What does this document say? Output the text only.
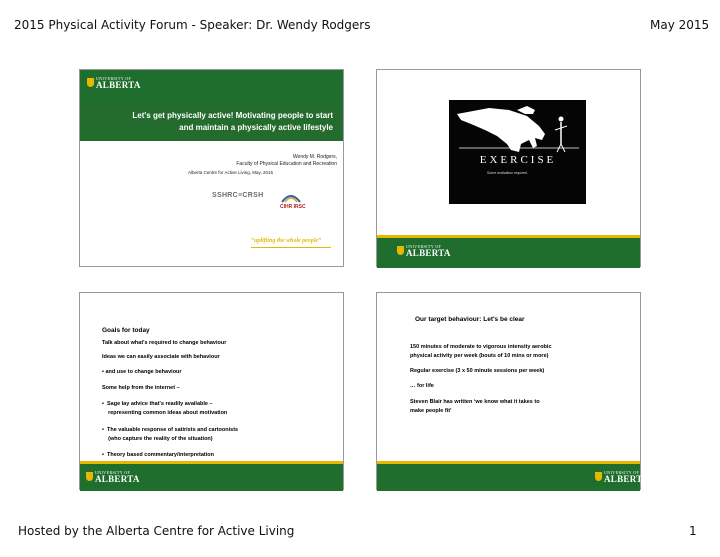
2015 Physical Activity Forum - Speaker: Dr. Wendy Rodgers	May 2015
UNIVERSITY OF
ALBERTA
Let's get physically active! Motivating people to start
and maintain a physically active lifestyle
Wendy M. Rodgers,
Faculty of Physical Education and Recreation
Alberta Centre for Active Living, May, 2015
SSHRC≡CRSH
CIHR IRSC
“uplifting the whole people”
EXERCISE
Some motivation required.
UNIVERSITY OF
ALBERTA
Goals for today
Talk about what's required to change behaviour
Ideas we can easily associate with behaviour
• and use to change behaviour
Some help from the internet –
•  Sage lay advice that's readily available –
representing common ideas about motivation
•  The valuable response of satirists and cartoonists
(who capture the reality of the situation)
•  Theory based commentary/interpretation
UNIVERSITY OF
ALBERTA
Our target behaviour: Let's be clear
150 minutes of moderate to vigorous intensity aerobic
physical activity per week (bouts of 10 mins or more)
Regular exercise (3 x 50 minute sessions per week)
… for life
Steven Blair has written ‘we know what it takes to
make people fit’
UNIVERSITY OF
ALBERTA
Hosted by the Alberta Centre for Active Living	1
